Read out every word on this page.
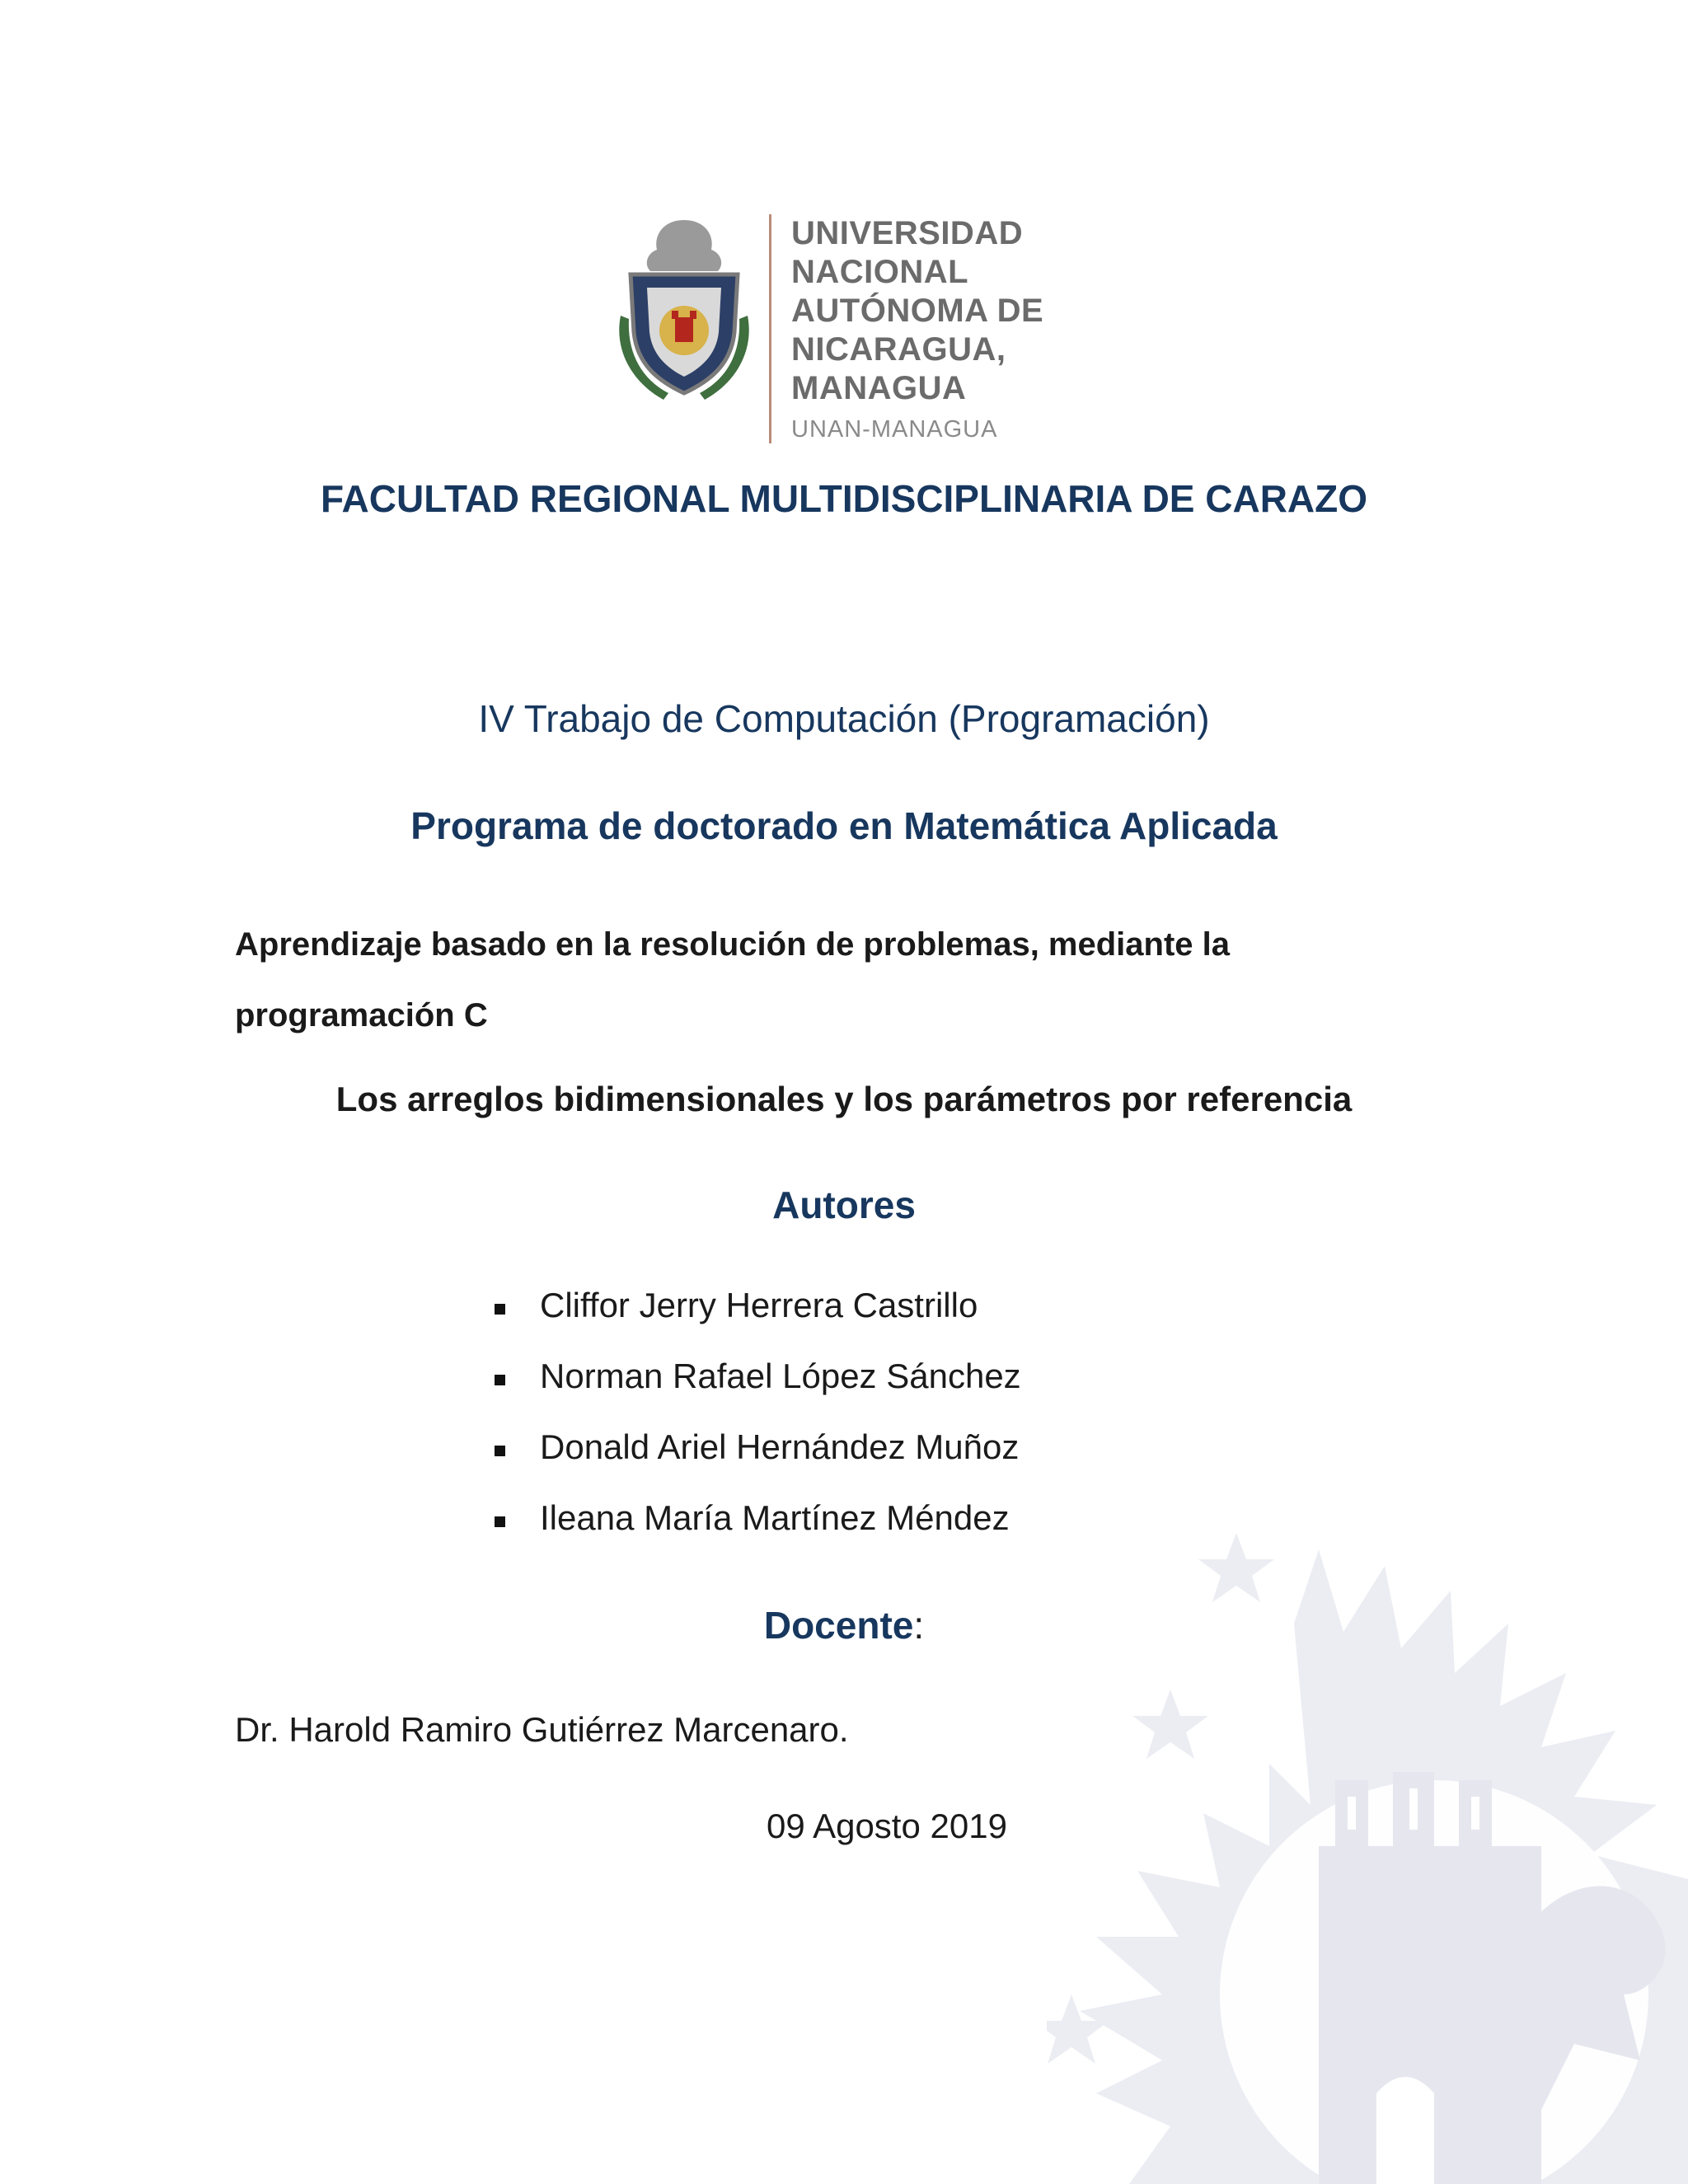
UNIVERSIDAD
NACIONAL
AUTÓNOMA DE
NICARAGUA,
MANAGUA
UNAN-MANAGUA
FACULTAD REGIONAL MULTIDISCIPLINARIA DE CARAZO
IV Trabajo de Computación (Programación)
Programa de doctorado en Matemática Aplicada
Aprendizaje basado en la resolución de problemas, mediante la
programación C
Los arreglos bidimensionales y los parámetros por referencia
Autores
Cliffor Jerry Herrera Castrillo
Norman Rafael López Sánchez
Donald Ariel Hernández Muñoz
Ileana María Martínez Méndez
Docente:
Dr. Harold Ramiro Gutiérrez Marcenaro.
09 Agosto 2019
